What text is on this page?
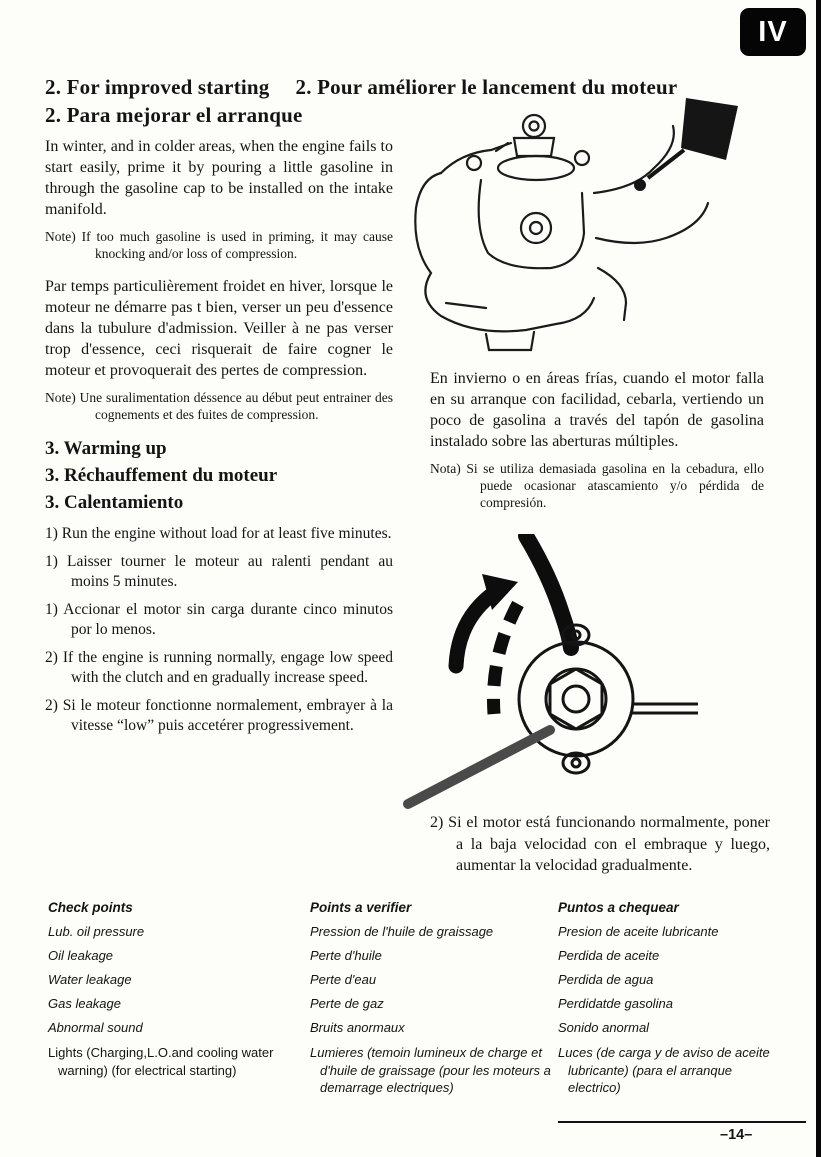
IV
2. For improved starting 2. Pour améliorer le lancement du moteur
2. Para mejorar el arranque

In winter, and in colder areas, when the engine fails to start easily, prime it by pouring a little gasoline in through the gasoline cap to be installed on the intake manifold.

Note) If too much gasoline is used in priming, it may cause knocking and/or loss of compression.

Par temps particulièrement froidet en hiver, lorsque le moteur ne démarre pas t bien, verser un peu d'essence dans la tubulure d'admission. Veiller à ne pas verser trop d'essence, ceci risquerait de faire cogner le moteur et provoquerait des pertes de compression.

Note) Une suralimentation déssence au début peut entrainer des cognements et des fuites de compression.

3. Warming up
3. Réchauffement du moteur
3. Calentamiento

1) Run the engine without load for at least five minutes.

1) Laisser tourner le moteur au ralenti pendant au moins 5 minutes.

1) Accionar el motor sin carga durante cinco minutos por lo menos.

2) If the engine is running normally, engage low speed with the clutch and en gradually increase speed.

2) Si le moteur fonctionne normalement, embrayer à la vitesse “low” puis accetérer progressivement.

En invierno o en áreas frías, cuando el motor falla en su arranque con facilidad, cebarla, vertiendo un poco de gasolina a través del tapón de gasolina instalado sobre las aberturas múltiples.

Nota) Si se utiliza demasiada gasolina en la cebadura, ello puede ocasionar atascamiento y/o pérdida de compresión.

2) Si el motor está funcionando normalmente, poner a la baja velocidad con el embraque y luego, aumentar la velocidad gradualmente.

Check points
Lub. oil pressure
Oil leakage
Water leakage
Gas leakage
Abnormal sound
Lights (Charging,L.O.and cooling water warning) (for electrical starting)
Points a verifier
Pression de l'huile de graissage
Perte d'huile
Perte d'eau
Perte de gaz
Bruits anormaux
Lumieres (temoin lumineux de charge et d'huile de graissage (pour les moteurs a demarrage electriques)
Puntos a chequear
Presion de aceite lubricante
Perdida de aceite
Perdida de agua
Perdidatde gasolina
Sonido anormal
Luces (de carga y de aviso de aceite lubricante) (para el arranque electrico)
–14–
